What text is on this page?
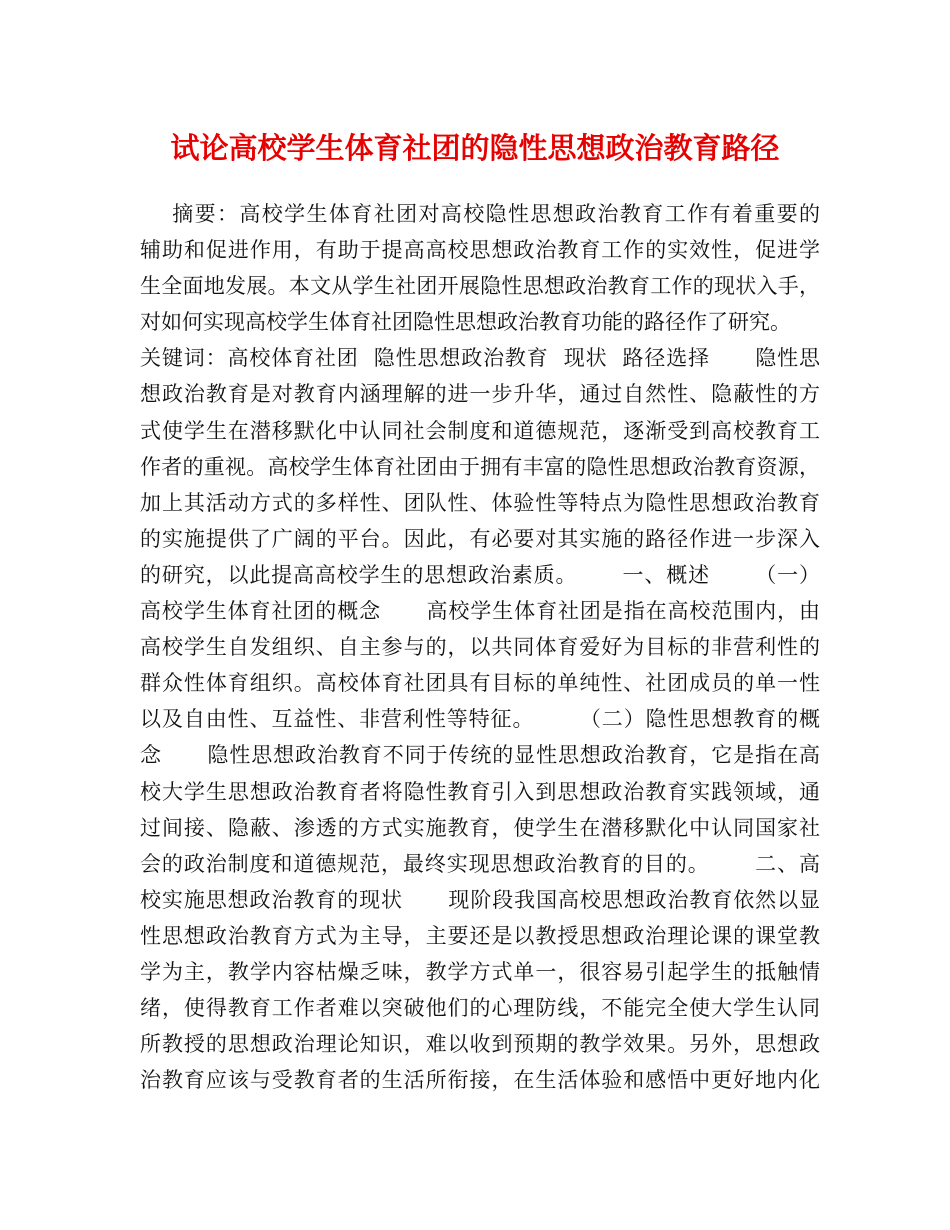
试论高校学生体育社团的隐性思想政治教育路径
摘要：高校学生体育社团对高校隐性思想政治教育工作有着重要的
辅助和促进作用，有助于提高高校思想政治教育工作的实效性，促进学
生全面地发展。本文从学生社团开展隐性思想政治教育工作的现状入手，
对如何实现高校学生体育社团隐性思想政治教育功能的路径作了研究。
关键词：高校体育社团  隐性思想政治教育  现状  路径选择      隐性思
想政治教育是对教育内涵理解的进一步升华，通过自然性、隐蔽性的方
式使学生在潜移默化中认同社会制度和道德规范，逐渐受到高校教育工
作者的重视。高校学生体育社团由于拥有丰富的隐性思想政治教育资源，
加上其活动方式的多样性、团队性、体验性等特点为隐性思想政治教育
的实施提供了广阔的平台。因此，有必要对其实施的路径作进一步深入
的研究，以此提高高校学生的思想政治素质。      一、概述      （一）
高校学生体育社团的概念      高校学生体育社团是指在高校范围内，由
高校学生自发组织、自主参与的，以共同体育爱好为目标的非营利性的
群众性体育组织。高校体育社团具有目标的单纯性、社团成员的单一性
以及自由性、互益性、非营利性等特征。      （二）隐性思想教育的概
念      隐性思想政治教育不同于传统的显性思想政治教育，它是指在高
校大学生思想政治教育者将隐性教育引入到思想政治教育实践领域，通
过间接、隐蔽、渗透的方式实施教育，使学生在潜移默化中认同国家社
会的政治制度和道德规范，最终实现思想政治教育的目的。      二、高
校实施思想政治教育的现状      现阶段我国高校思想政治教育依然以显
性思想政治教育方式为主导，主要还是以教授思想政治理论课的课堂教
学为主，教学内容枯燥乏味，教学方式单一，很容易引起学生的抵触情
绪，使得教育工作者难以突破他们的心理防线，不能完全使大学生认同
所教授的思想政治理论知识，难以收到预期的教学效果。另外，思想政
治教育应该与受教育者的生活所衔接，在生活体验和感悟中更好地内化
